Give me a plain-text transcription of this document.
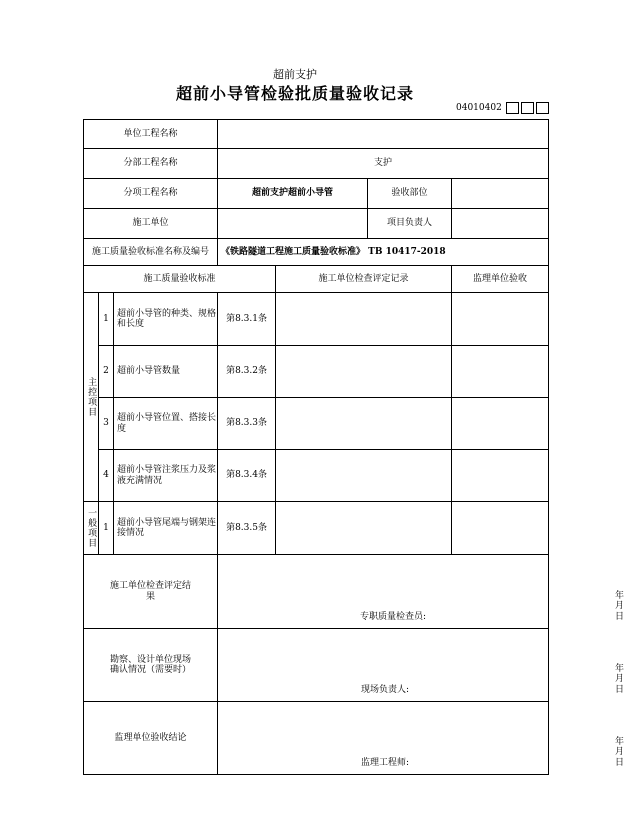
超前支护
超前小导管检验批质量验收记录
04010402
单位工程名称						
分部工程名称			支护			
分项工程名称			超前支护超前小导管		验收部位	
施工单位					项目负责人	
施工质量验收标准名称及编号			《铁路隧道工程施工质量验收标准》 TB 10417-2018			
施工质量验收标准				施工单位检查评定记录		监理单位验收
主控项目	1	超前小导管的种类、规格和长度	第8.3.1条			
	2	超前小导管数量	第8.3.2条			
	3	超前小导管位置、搭接长度	第8.3.3条			
	4	超前小导管注浆压力及浆液充满情况	第8.3.4条			
一般项目	1	超前小导管尾端与钢架连接情况	第8.3.5条			
施工单位检查评定结果			专职质量检查员:
年 月 日			

勘察、设计单位现场确认情况（需要时）			现场负责人:
年 月 日			

监理单位验收结论			监理工程师:
年 月 日			
